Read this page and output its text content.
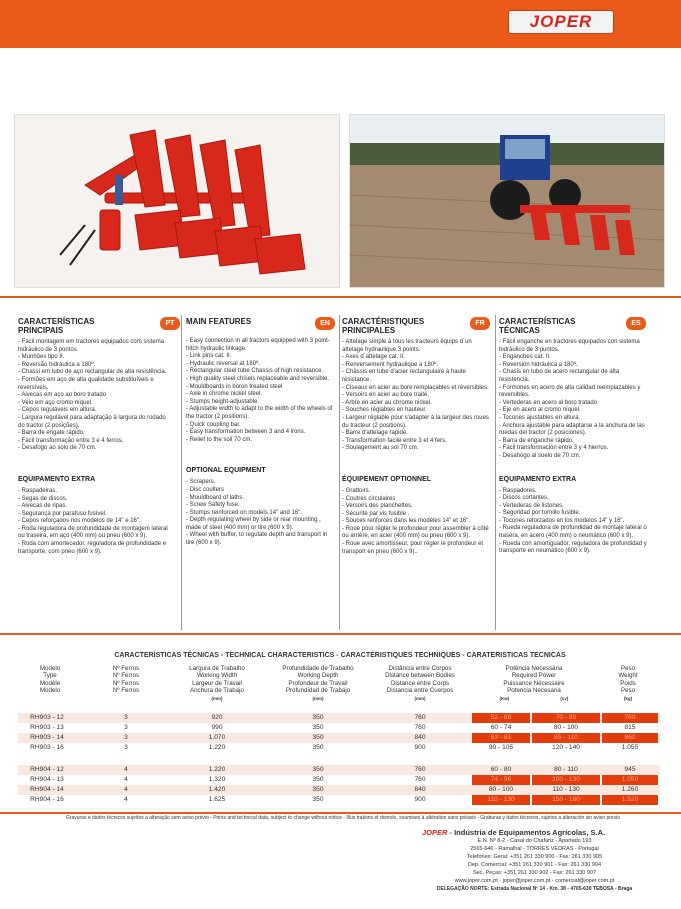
JOPER
CARACTERÍSTICAS PRINCIPAIS
- Fácil montagem em tractores equipados com sistema hidráulico de 3 pontos.
- Munhões tipo II.
- Reversão hidráulica a 180º.
- Chassi em tubo de aço rectangular de alta resistência.
- Formões em aço de alta qualidade substituíveis e reversíveis.
- Aivecas em aço ao boro tratado
- Veio em aço cromo níquel.
- Cepos reguláveis em altura.
- Largura regulável para adaptação à largura do rodado do tractor (2 posições).
- Barra de engate rápido.
- Fácil transformação entre 3 e 4 ferros.
- Desafogo ao solo de 70 cm.
EQUIPAMENTO EXTRA
- Raspadeiras.
- Segas de discos.
- Aivecas de ripas.
- Segurança por parafuso fusível.
- Cepos reforçados nos modelos de 14" e 16".
- Roda reguladora de profundidade de montagem lateral ou traseira, em aço (400 mm) ou pneu (600 x 9).
- Roda com amortecedor, reguladora de profundidade e transporte, com pneu (600 x 9).
PT	MAIN FEATURES
- Easy connection in all tractors equipped with 3 point-hitch hydraulic linkage.
- Link pins cat. II.
- Hydraulic reversal at 180º.
- Rectangular steel tube Chassis of high resistance.
- High quality steel chisels replaceable and reversible.
- Mouldboards in boron treated steel
- Axle in chrome nickel steel.
- Stumps height-adjustable.
- Adjustable width to adapt to the width of the wheels of the tractor (2 positions).
- Quick coupling bar.
- Easy transformation between 3 and 4 irons.
- Relief to the soil 70 cm.
OPTIONAL EQUIPMENT
- Scrapers.
- Disc coulters
- Mouldboard of laths.
- Screw Safety fuse.
- Stumps reinforced on models 14" and 16".
- Depth regulating wheel by side or rear mounting , made of steel (400 mm) or tire (600 x 9).
- Wheel with buffer, to regulate depth and transport in tire (600 x 9).
EN	CARACTÉRISTIQUES PRINCIPALES
- Attelage simple à tous les tracteurs équips d´un attelage hydraulique 3 points.
- Axes d´attelage cat. II.
- Renversement hydraulique a 180º.
- Châssis en tube d'acier rectangulaire à haute résistance.
- Ciseaux en acier au bore remplaçables et réversibles.
- Versoirs en acier au bore traité.
- Arbre en acier au chrome nickel.
- Souches réglables en hauteur.
- Largeur réglable pour s'adapter à la largeur des roues du tracteur (2 positions).
- Barre d'attelage rapide.
- Transformation facile entre 3 et 4 fers.
- Soulagement au sol 70 cm.
ÉQUIPEMENT OPTIONNEL
- Grattoirs.
- Coutres circulaires
- Versoirs des planchettes.
- Sécurité par vis fusible .
- Souces renforcés dans les modèles 14" et 16".
- Roue pour régler le profondeur pour assembler à côté ou arrière, en acier (400 mm) ou pneu (600 x 9).
- Roue avec amortisseur, pour régler le profondeur et transport en pneu (600 x 9)..
FR	CARACTERÍSTICAS TÉCNICAS
- Fácil enganche en tractores equipados con sistema hidráulico de 3 puntos.
- Enganches cat. II.
- Reversión hidráulica a 180º.
- Chasis en tubo de acero rectangular de alta resistencia.
- Formones en acero de alta calidad reemplazables y reversibles.
- Vertederas en acero al boro tratado
- Eje en acero al cromo níquel.
- Tocones ajustables en altura.
- Anchura ajustable para adaptarse a la anchura de las ruedas del tractor (2 posiciones).
- Barra de enganche rápido.
- Fácil transformación entre 3 y 4 hierros.
- Desahogo al suelo de 70 cm.
EQUIPAMENTO EXTRA
- Raspadores.
- Discos cortantes.
- Vertederas de listones.
- Seguridad por tornillo fusible.
- Tocones reforzados en los modelos 14" y 16".
- Rueda reguladora de profundidad de montaje lateral ó trasera, en acero (400 mm) o neumático (600 x 9).
- Rueda con amortiguador, reguladora de profundidad y transporte en neumático (600 x 9).
ES
CARACTERÍSTICAS TÉCNICAS - TECHNICAL CHARACTERISTICS - CARACTÉRISTIQUES TECHNIQUES - CARATERISTICAS TECNICAS
Modelo
Type
Modèle
Modelo
Nº Ferros
Nº Ferros
Nº Ferros
Nº Ferros
Largura de Trabalho
Working Width
Largeur de Travail
Anchura de Trabajo
(mm)
Profundidade de Trabalho
Working Depth
Profondeur de Travail
Profundidad de Trabajo
(mm)
Distância entre Corpos
Distance between Bodies
Distance entre Corps
Distancia entre Cuerpos
(mm)
Potência Necessária
Required Power
Puissance Nécessaire
Potencia Necesaria
(Kw)	(cv)
Peso
Weight
Poids
Peso
(kg)
RH903 - 12	3	920	350	760	52 - 66	70 - 90	760
RH903 - 13	3	990	350	760	60 - 74	80 - 100	815
RH903 - 14	3	1.070	350	840	63 - 81	85 - 110	860
RH903 - 16	3	1.220	350	900	90 - 105	120 - 140	1.055
RH904 - 12	4	1.220	350	760	60 - 80	80 - 110	945
RH904 - 13	4	1.320	350	760	74 - 96	100 - 130	1.050
RH904 - 14	4	1.420	350	840	80 - 100	110 - 130	1.260
RH904 - 16	4	1.625	350	900	110 - 130	150 - 180	1.520
Gravuras e dados técnicos sujeitos a alteração sem aviso prévio - Prints and technical data, subject to change without notice - Illus trations et donnés, soumises à altération sans préavis - Graburas y datos técnicos, sujetos a alteración sin aviso previo
JOPER - Indústria de Equipamentos Agrícolas, S.A.
E.N. Nº 8-2 - Casal do Chafariz - Apartado 193
2565-646 - Ramalhal - TORRES VEDRAS - Portugal
Telefones: Geral: +351 261 330 900 - Fax: 261 330 905
Dep. Comercial: +351 261 330 901 - Fax: 261 330 904
Sec. Peças: +351 261 330 902 - Fax: 261 330 907
www.joper.com.pt - joper@joper.com.pt - comercial@joper.com.pt
DELEGAÇÃO NORTE: Estrada Nacional Nº 14 - Km. 38 - 4705-630 TEBOSA - Braga
